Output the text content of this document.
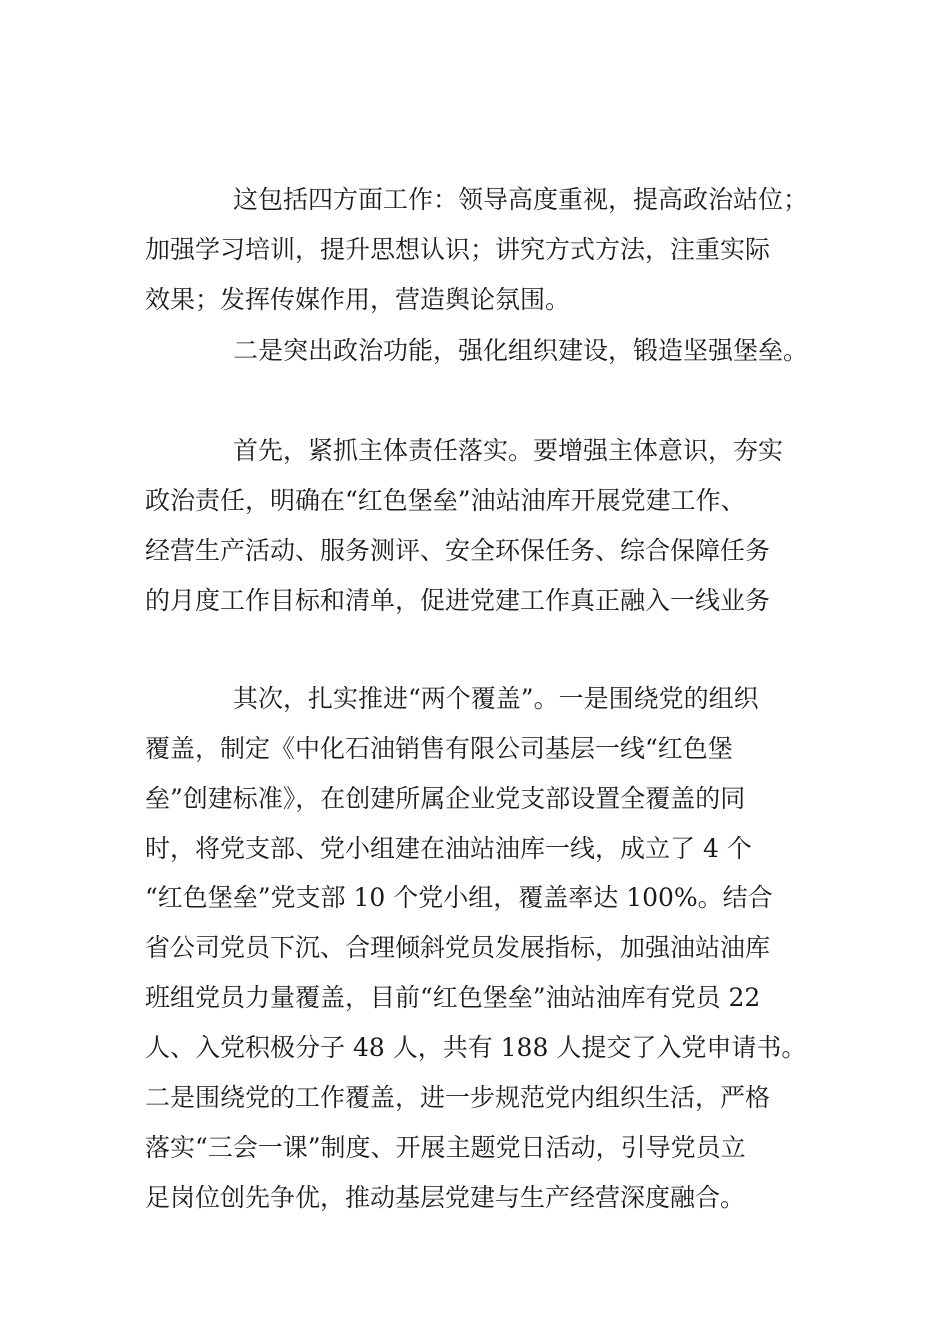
这包括四方面工作：领导高度重视，提高政治站位；
加强学习培训，提升思想认识；讲究方式方法，注重实际
效果；发挥传媒作用，营造舆论氛围。
二是突出政治功能，强化组织建设，锻造坚强堡垒。
首先，紧抓主体责任落实。要增强主体意识，夯实
政治责任，明确在“红色堡垒”油站油库开展党建工作、
经营生产活动、服务测评、安全环保任务、综合保障任务
的月度工作目标和清单，促进党建工作真正融入一线业务
其次，扎实推进“两个覆盖”。一是围绕党的组织
覆盖，制定《中化石油销售有限公司基层一线“红色堡
垒”创建标准》，在创建所属企业党支部设置全覆盖的同
时，将党支部、党小组建在油站油库一线，成立了 4 个
“红色堡垒”党支部 10 个党小组，覆盖率达 100%。结合
省公司党员下沉、合理倾斜党员发展指标，加强油站油库
班组党员力量覆盖，目前“红色堡垒”油站油库有党员 22
人、入党积极分子 48 人，共有 188 人提交了入党申请书。
二是围绕党的工作覆盖，进一步规范党内组织生活，严格
落实“三会一课”制度、开展主题党日活动，引导党员立
足岗位创先争优，推动基层党建与生产经营深度融合。
